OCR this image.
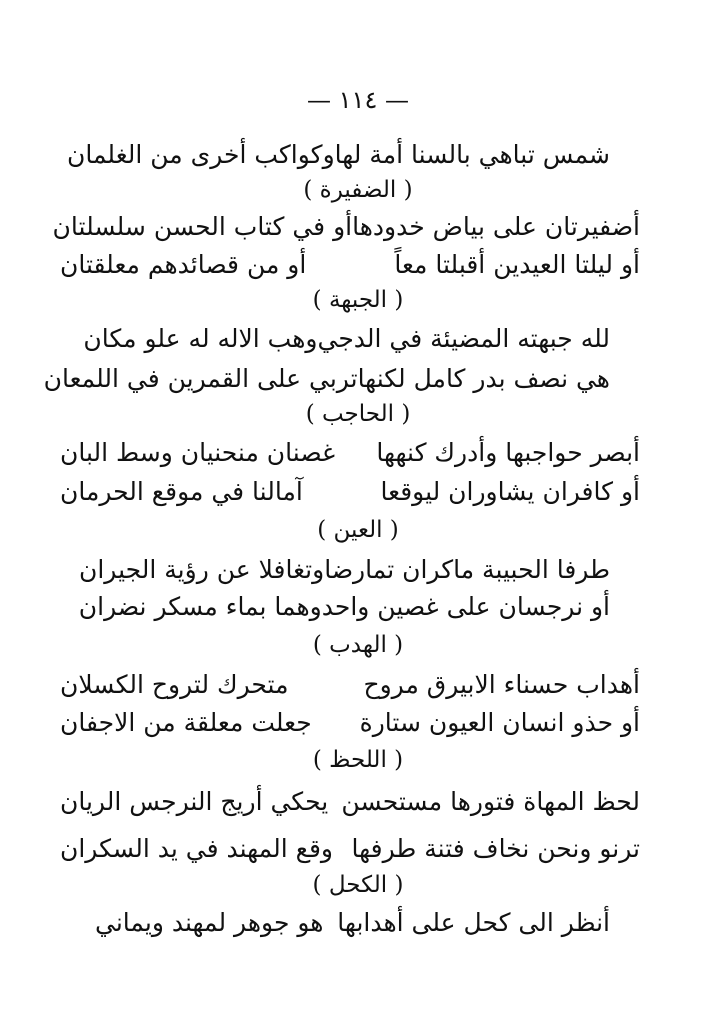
— ١١٤ —
شمس تباهي بالسنا أمة لها
وكواكب أخرى من الغلمان
( الضفيرة )
أضفيرتان على بياض خدودها
أو في كتاب الحسن سلسلتان
أو ليلتا العيدين أقبلتا معاً
أو من قصائدهم معلقتان
( الجبهة )
لله جبهته المضيئة في الدجي
وهب الاله له علو مكان
هي نصف بدر كامل لكنها
تربي على القمرين في اللمعان
( الحاجب )
أبصر حواجبها وأدرك كنهها
غصنان منحنيان وسط البان
أو كافران يشاوران ليوقعا
آمالنا في موقع الحرمان
( العين )
طرفا الحبيبة ماكران تمارضا
وتغافلا عن رؤية الجيران
أو نرجسان على غصين واحد
وهما بماء مسكر نضران
( الهدب )
أهداب حسناء الابيرق مروح
متحرك لتروح الكسلان
أو حذو انسان العيون ستارة
جعلت معلقة من الاجفان
( اللحظ )
لحظ المهاة فتورها مستحسن
يحكي أريج النرجس الريان
ترنو ونحن نخاف فتنة طرفها
وقع المهند في يد السكران
( الكحل )
أنظر الى كحل على أهدابها
هو جوهر لمهند ويماني
